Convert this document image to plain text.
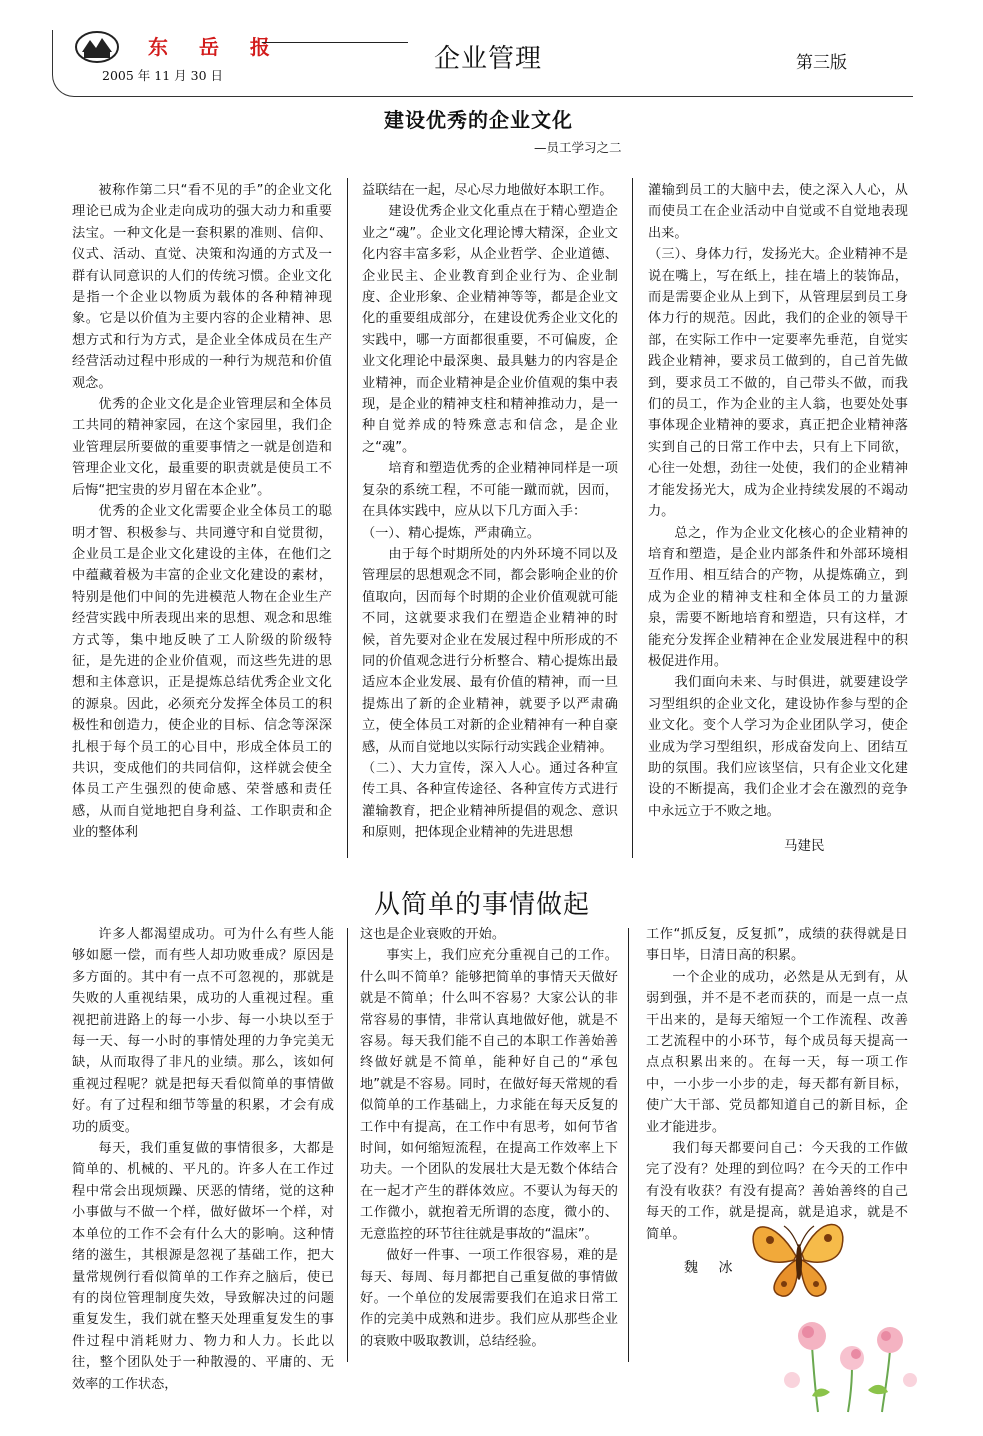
东 岳 报
2005 年 11 月 30 日
企业管理	第三版
建设优秀的企业文化
—员工学习之二

被称作第二只“看不见的手”的企业文化理论已成为企业走向成功的强大动力和重要法宝。一种文化是一套积累的准则、信仰、仪式、活动、直觉、决策和沟通的方式及一群有认同意识的人们的传统习惯。企业文化是指一个企业以物质为载体的各种精神现象。它是以价值为主要内容的企业精神、思想方式和行为方式，是企业全体成员在生产经营活动过程中形成的一种行为规范和价值观念。

优秀的企业文化是企业管理层和全体员工共同的精神家园，在这个家园里，我们企业管理层所要做的重要事情之一就是创造和管理企业文化，最重要的职责就是使员工不后悔“把宝贵的岁月留在本企业”。

优秀的企业文化需要企业全体员工的聪明才智、积极参与、共同遵守和自觉贯彻，企业员工是企业文化建设的主体，在他们之中蕴藏着极为丰富的企业文化建设的素材，特别是他们中间的先进模范人物在企业生产经营实践中所表现出来的思想、观念和思维方式等，集中地反映了工人阶级的阶级特征，是先进的企业价值观，而这些先进的思想和主体意识，正是提炼总结优秀企业文化的源泉。因此，必须充分发挥全体员工的积极性和创造力，使企业的目标、信念等深深扎根于每个员工的心目中，形成全体员工的共识，变成他们的共同信仰，这样就会使全体员工产生强烈的使命感、荣誉感和责任感，从而自觉地把自身利益、工作职责和企业的整体利

益联结在一起，尽心尽力地做好本职工作。

建设优秀企业文化重点在于精心塑造企业之“魂”。企业文化理论博大精深，企业文化内容丰富多彩，从企业哲学、企业道德、企业民主、企业教育到企业行为、企业制度、企业形象、企业精神等等，都是企业文化的重要组成部分，在建设优秀企业文化的实践中，哪一方面都很重要，不可偏废，企业文化理论中最深奥、最具魅力的内容是企业精神，而企业精神是企业价值观的集中表现，是企业的精神支柱和精神推动力，是一种自觉养成的特殊意志和信念，是企业之“魂”。

培育和塑造优秀的企业精神同样是一项复杂的系统工程，不可能一蹴而就，因而，在具体实践中，应从以下几方面入手：

（一）、精心提炼，严肃确立。

由于每个时期所处的内外环境不同以及管理层的思想观念不同，都会影响企业的价值取向，因而每个时期的企业价值观就可能不同，这就要求我们在塑造企业精神的时候，首先要对企业在发展过程中所形成的不同的价值观念进行分析整合、精心提炼出最适应本企业发展、最有价值的精神，而一旦提炼出了新的企业精神，就要予以严肃确立，使全体员工对新的企业精神有一种自豪感，从而自觉地以实际行动实践企业精神。

（二）、大力宣传，深入人心。通过各种宣传工具、各种宣传途径、各种宣传方式进行灌输教育，把企业精神所提倡的观念、意识和原则，把体现企业精神的先进思想

灌输到员工的大脑中去，使之深入人心，从而使员工在企业活动中自觉或不自觉地表现出来。

（三）、身体力行，发扬光大。企业精神不是说在嘴上，写在纸上，挂在墙上的装饰品，而是需要企业从上到下，从管理层到员工身体力行的规范。因此，我们的企业的领导干部，在实际工作中一定要率先垂范，自觉实践企业精神，要求员工做到的，自己首先做到，要求员工不做的，自己带头不做，而我们的员工，作为企业的主人翁，也要处处事事体现企业精神的要求，真正把企业精神落实到自己的日常工作中去，只有上下同欲，心往一处想，劲往一处使，我们的企业精神才能发扬光大，成为企业持续发展的不竭动力。

总之，作为企业文化核心的企业精神的培育和塑造，是企业内部条件和外部环境相互作用、相互结合的产物，从提炼确立，到成为企业的精神支柱和全体员工的力量源泉，需要不断地培育和塑造，只有这样，才能充分发挥企业精神在企业发展进程中的积极促进作用。

我们面向未来、与时俱进，就要建设学习型组织的企业文化，建设协作参与型的企业文化。变个人学习为企业团队学习，使企业成为学习型组织，形成奋发向上、团结互助的氛围。我们应该坚信，只有企业文化建设的不断提高，我们企业才会在激烈的竞争中永远立于不败之地。

马建民
从简单的事情做起

许多人都渴望成功。可为什么有些人能够如愿一偿，而有些人却功败垂成？原因是多方面的。其中有一点不可忽视的，那就是失败的人重视结果，成功的人重视过程。重视把前进路上的每一小步、每一小块以至于每一天、每一小时的事情处理的力争完美无缺，从而取得了非凡的业绩。那么，该如何重视过程呢？就是把每天看似简单的事情做好。有了过程和细节等量的积累，才会有成功的质变。

每天，我们重复做的事情很多，大都是简单的、机械的、平凡的。许多人在工作过程中常会出现烦躁、厌恶的情绪，觉的这种小事做与不做一个样，做好做坏一个样，对本单位的工作不会有什么大的影响。这种情绪的滋生，其根源是忽视了基础工作，把大量常规例行看似简单的工作弃之脑后，使已有的岗位管理制度失效，导致解决过的问题重复发生，我们就在整天处理重复发生的事件过程中消耗财力、物力和人力。长此以往，整个团队处于一种散漫的、平庸的、无效率的工作状态，

这也是企业衰败的开始。

事实上，我们应充分重视自己的工作。什么叫不简单？能够把简单的事情天天做好就是不简单；什么叫不容易？大家公认的非常容易的事情，非常认真地做好他，就是不容易。每天我们能不自己的本职工作善始善终做好就是不简单，能种好自己的“承包地”就是不容易。同时，在做好每天常规的看似简单的工作基础上，力求能在每天反复的工作中有提高，在工作中有思考，如何节省时间，如何缩短流程，在提高工作效率上下功夫。一个团队的发展壮大是无数个体结合在一起才产生的群体效应。不要认为每天的工作微小，就抱着无所谓的态度，微小的、无意监控的环节往往就是事故的“温床”。

做好一件事、一项工作很容易，难的是每天、每周、每月都把自己重复做的事情做好。一个单位的发展需要我们在追求日常工作的完美中成熟和进步。我们应从那些企业的衰败中吸取教训，总结经验。

工作“抓反复，反复抓”，成绩的获得就是日事日毕，日清日高的积累。

一个企业的成功，必然是从无到有，从弱到强，并不是不老而获的，而是一点一点干出来的，是每天缩短一个工作流程、改善工艺流程中的小环节，每个成员每天提高一点点积累出来的。在每一天，每一项工作中，一小步一小步的走，每天都有新目标，使广大干部、党员都知道自己的新目标，企业才能进步。

我们每天都要问自己：今天我的工作做完了没有？处理的到位吗？在今天的工作中有没有收获？有没有提高？善始善终的自己每天的工作，就是提高，就是追求，就是不简单。

魏 冰
